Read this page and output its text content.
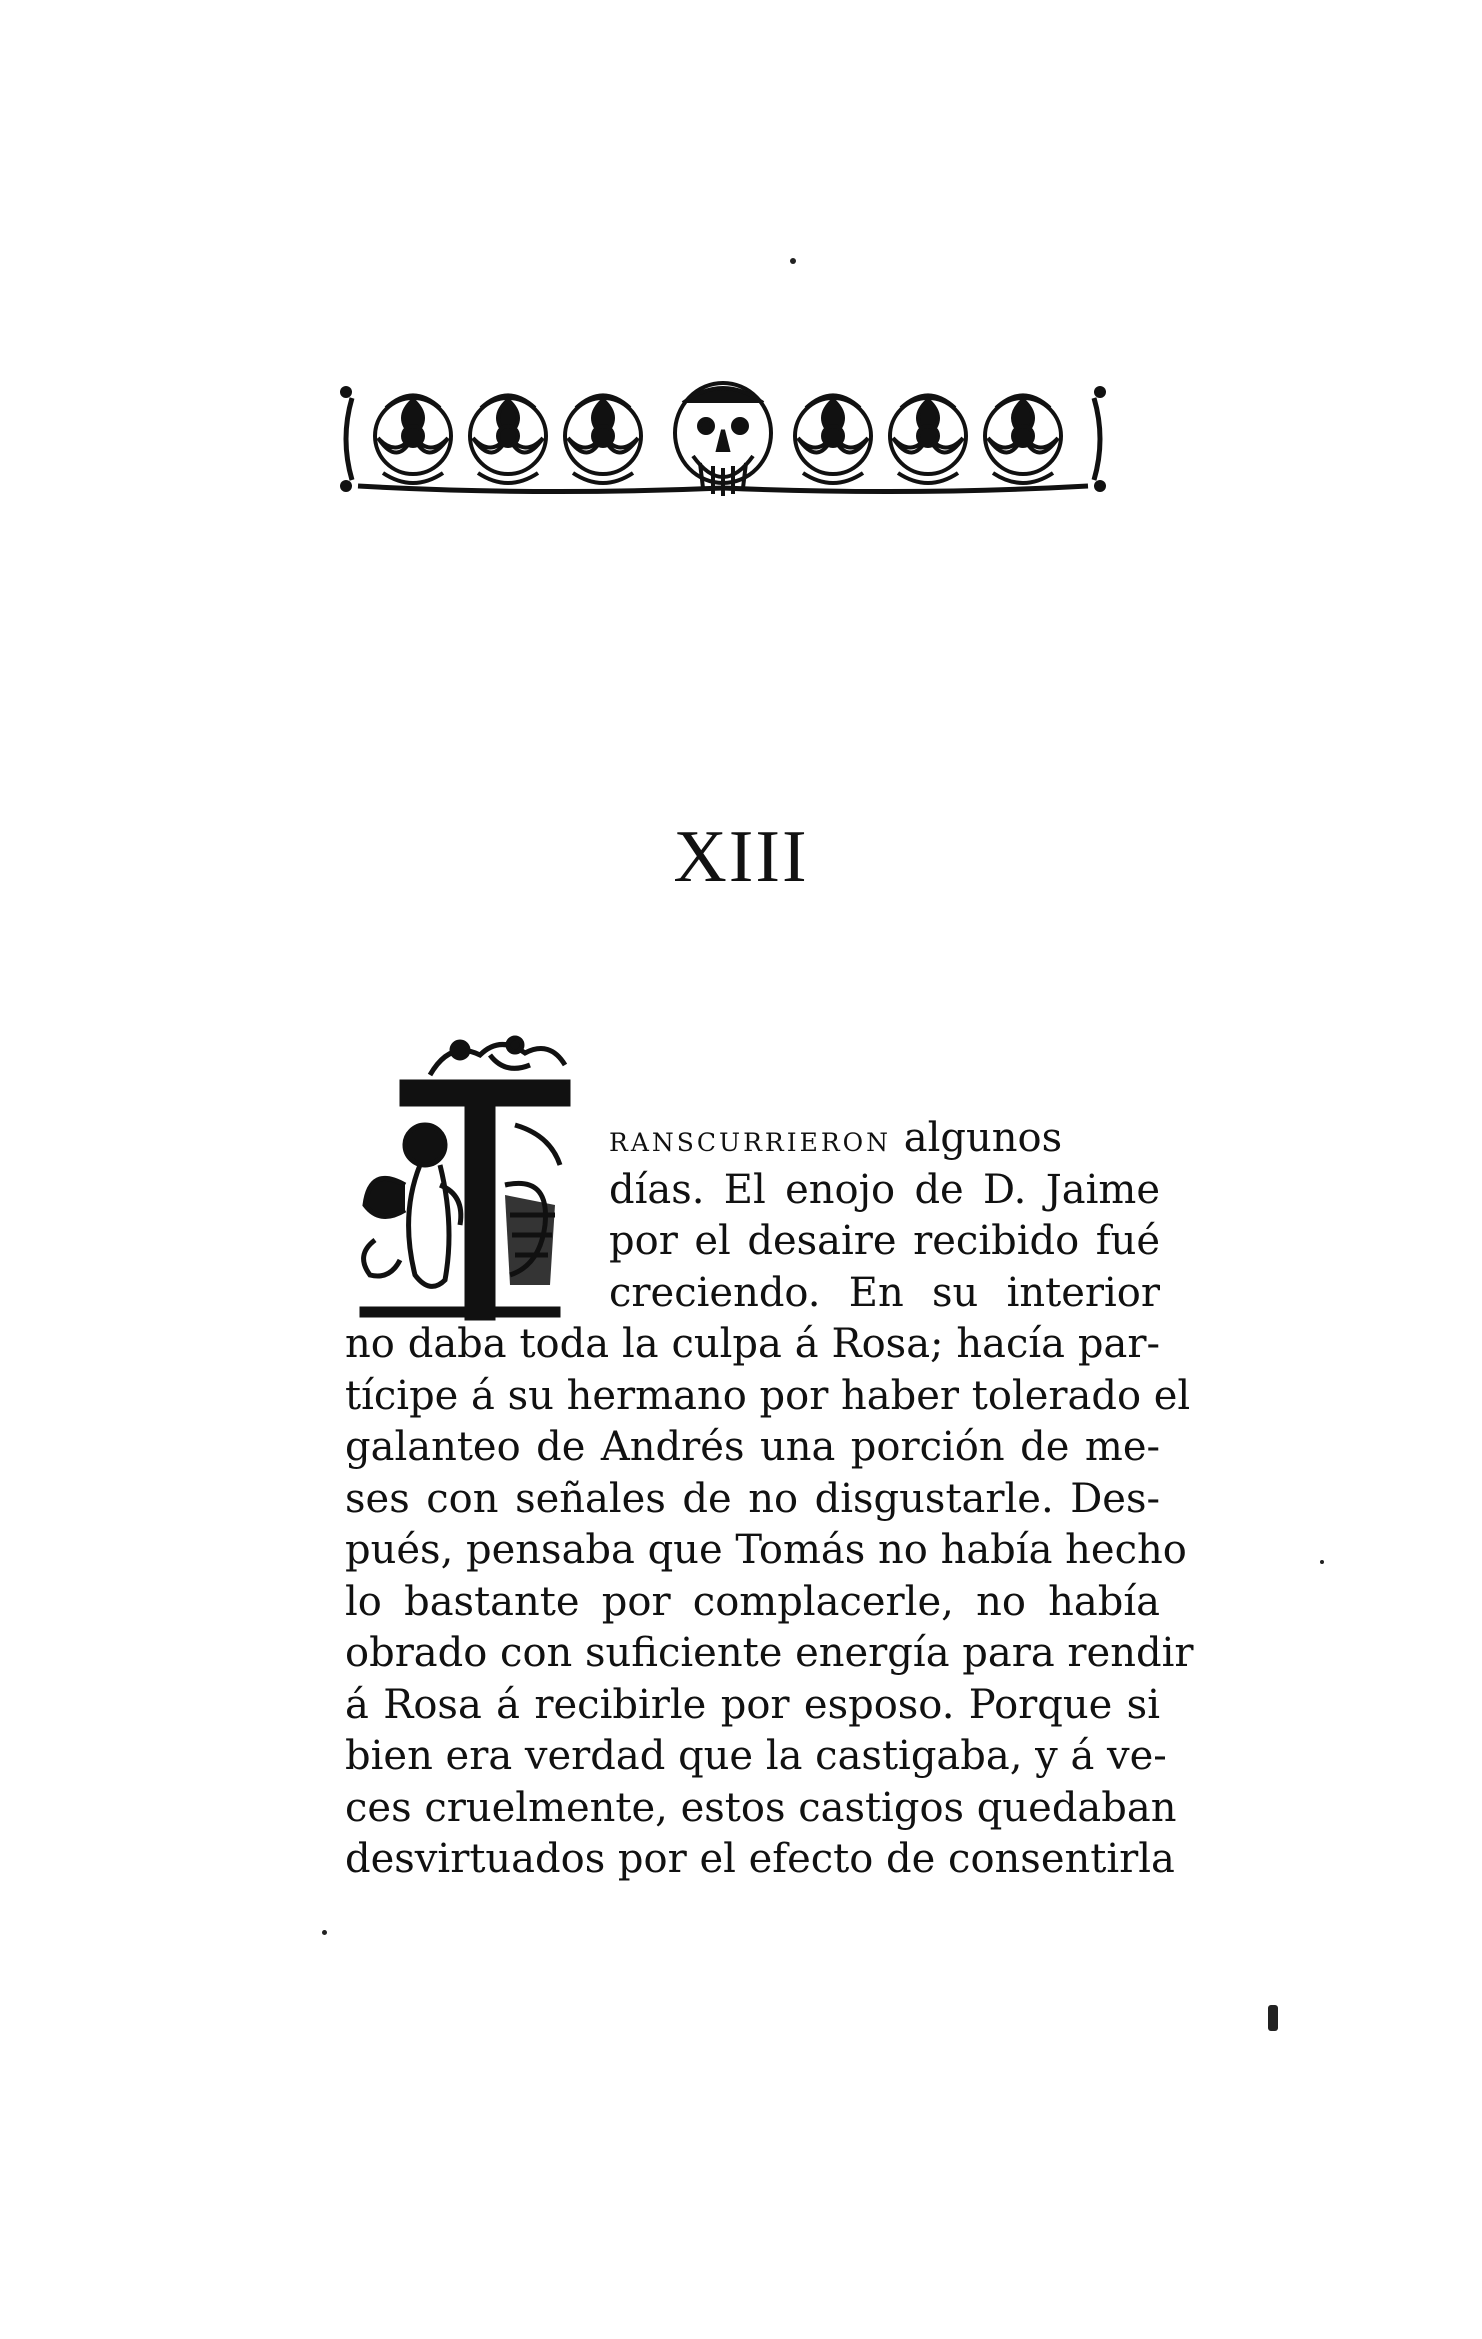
XIII
RANSCURRIERON algunos
días. El enojo de D. Jaime
por el desaire recibido fué
creciendo. En su interior
no daba toda la culpa á Rosa; hacía par-
tícipe á su hermano por haber tolerado el
galanteo de Andrés una porción de me-
ses con señales de no disgustarle. Des-
pués, pensaba que Tomás no había hecho
lo bastante por complacerle, no había
obrado con suficiente energía para rendir
á Rosa á recibirle por esposo. Porque si
bien era verdad que la castigaba, y á ve-
ces cruelmente, estos castigos quedaban
desvirtuados por el efecto de consentirla
